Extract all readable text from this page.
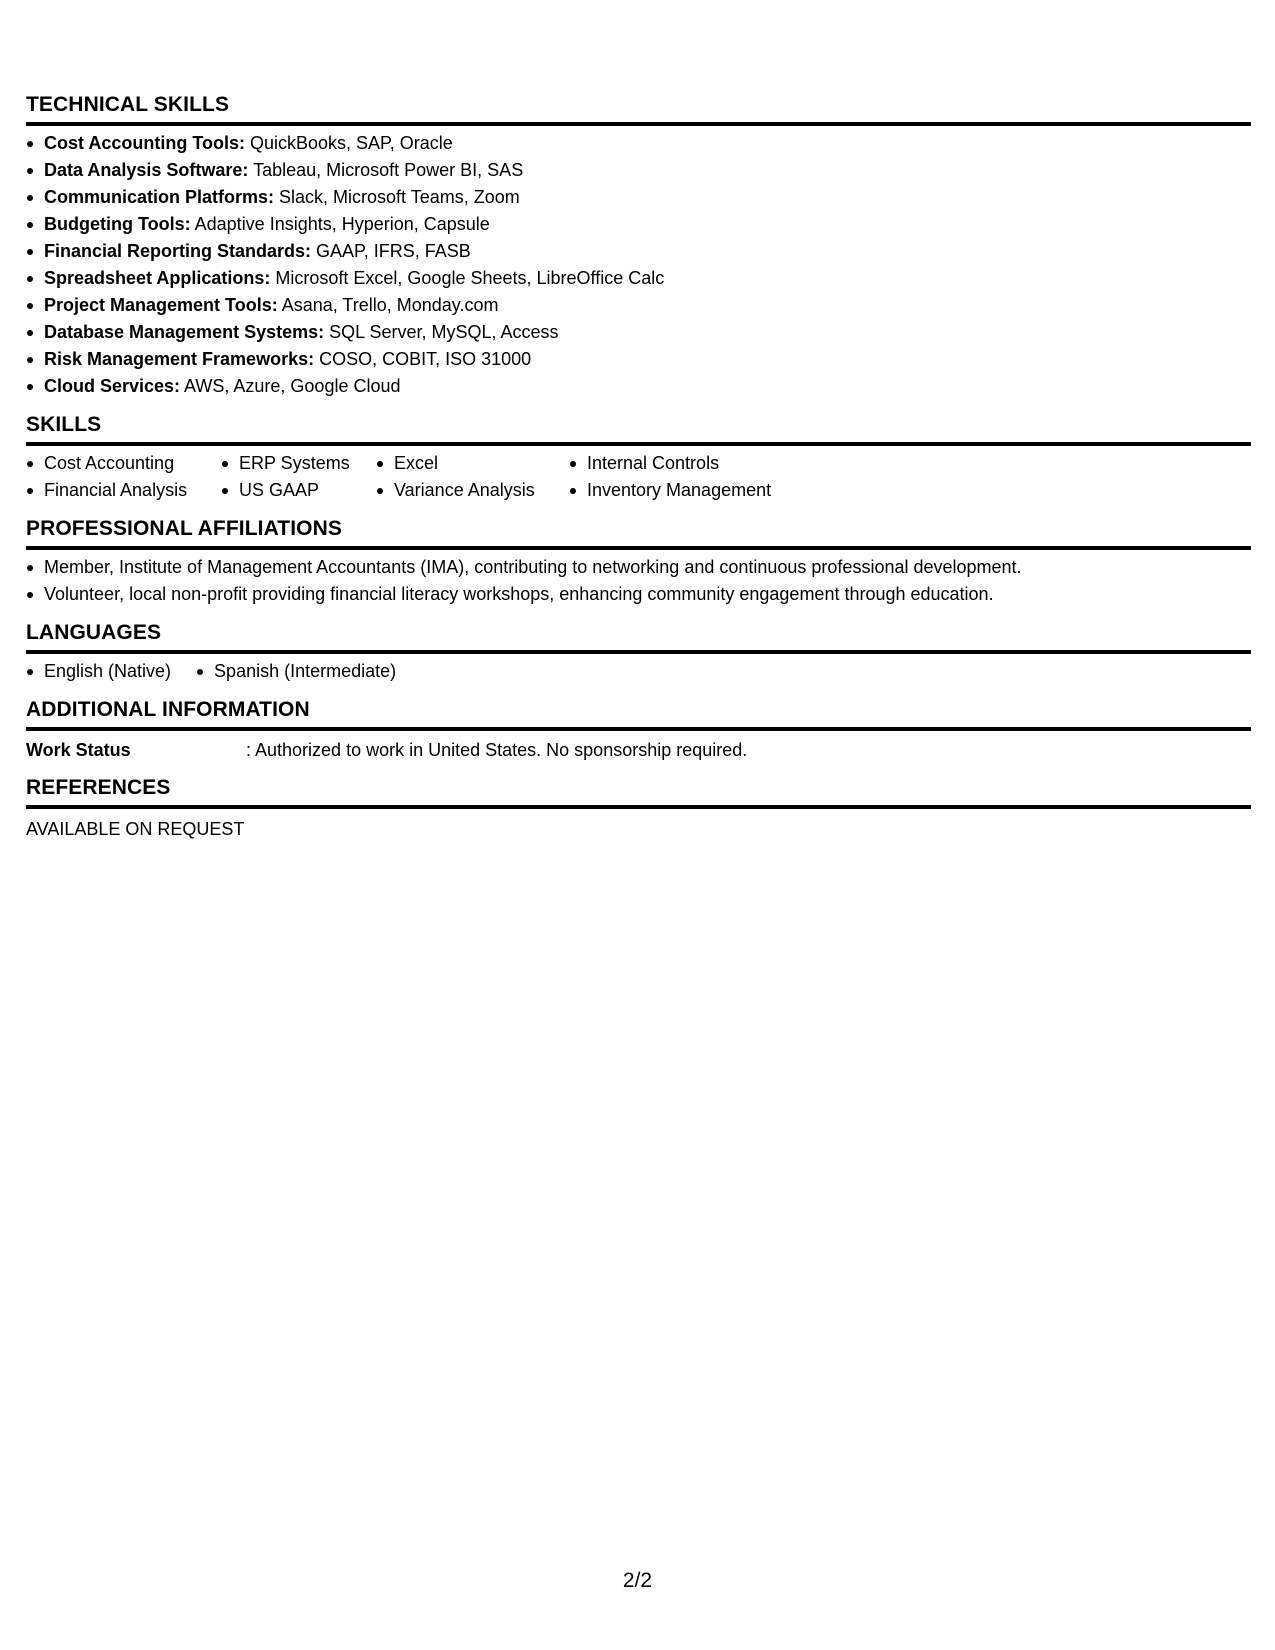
TECHNICAL SKILLS
Cost Accounting Tools: QuickBooks, SAP, Oracle
Data Analysis Software: Tableau, Microsoft Power BI, SAS
Communication Platforms: Slack, Microsoft Teams, Zoom
Budgeting Tools: Adaptive Insights, Hyperion, Capsule
Financial Reporting Standards: GAAP, IFRS, FASB
Spreadsheet Applications: Microsoft Excel, Google Sheets, LibreOffice Calc
Project Management Tools: Asana, Trello, Monday.com
Database Management Systems: SQL Server, MySQL, Access
Risk Management Frameworks: COSO, COBIT, ISO 31000
Cloud Services: AWS, Azure, Google Cloud
SKILLS
Cost Accounting
Financial Analysis
ERP Systems
US GAAP
Excel
Variance Analysis
Internal Controls
Inventory Management
PROFESSIONAL AFFILIATIONS
Member, Institute of Management Accountants (IMA), contributing to networking and continuous professional development.
Volunteer, local non-profit providing financial literacy workshops, enhancing community engagement through education.
LANGUAGES
English (Native)	Spanish (Intermediate)
ADDITIONAL INFORMATION
Work Status	: Authorized to work in United States. No sponsorship required.
REFERENCES
AVAILABLE ON REQUEST
2/2
